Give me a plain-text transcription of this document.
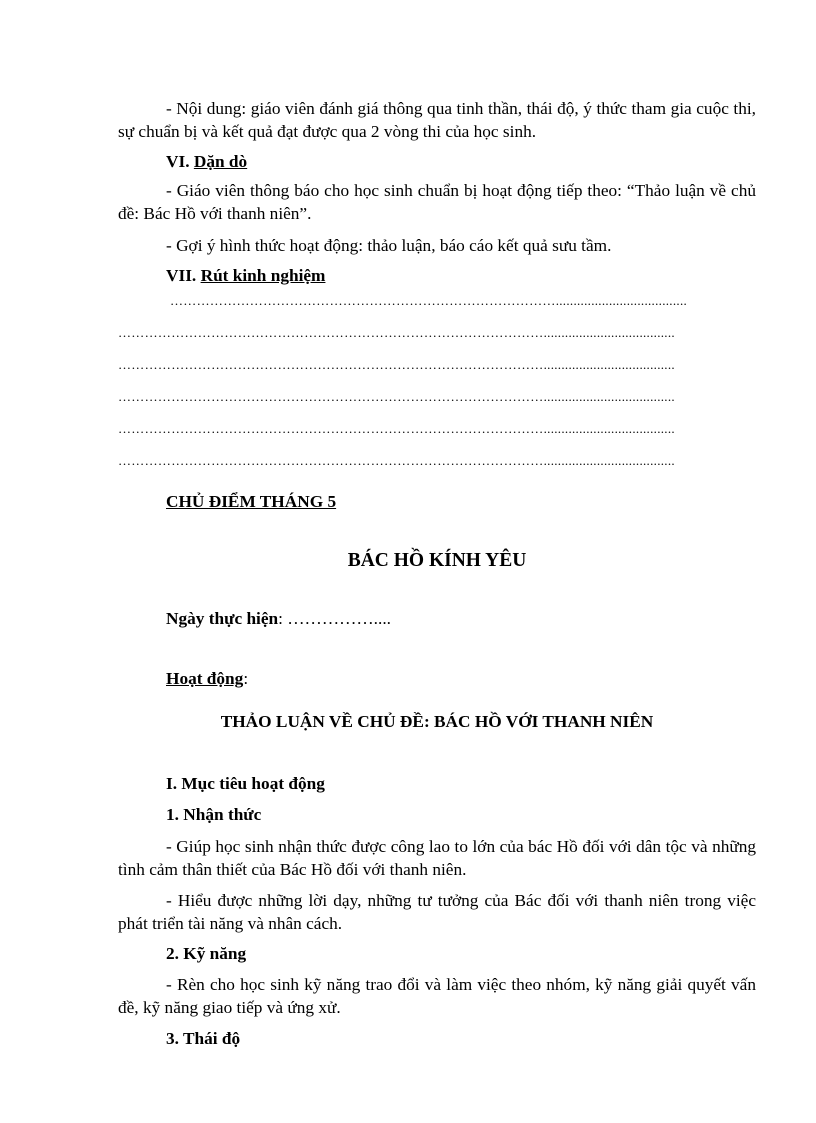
- Nội dung: giáo viên đánh giá thông qua tinh thần, thái độ, ý thức tham gia cuộc thi, sự chuẩn bị và kết quả đạt được qua 2 vòng thi của học sinh.

VI. Dặn dò

- Giáo viên thông báo cho học sinh chuẩn bị hoạt động tiếp theo: “Thảo luận về chủ đề: Bác Hồ với thanh niên”.

- Gợi ý hình thức hoạt động: thảo luận, báo cáo kết quả sưu tầm.

VII. Rút kinh nghiệm

…………………………………………………………………………….....................................
…………………………………………………………………………………….....................................
…………………………………………………………………………………….....................................
…………………………………………………………………………………….....................................
…………………………………………………………………………………….....................................
…………………………………………………………………………………….....................................

CHỦ ĐIỂM THÁNG 5

BÁC HỒ KÍNH YÊU

Ngày thực hiện: ……………....

Hoạt động:

THẢO LUẬN VỀ CHỦ ĐỀ: BÁC HỒ VỚI THANH NIÊN

I. Mục tiêu hoạt động

1. Nhận thức

- Giúp học sinh nhận thức được công lao to lớn của bác Hồ đối với dân tộc và những tình cảm thân thiết của Bác Hồ đối với thanh niên.

- Hiểu được những lời dạy, những tư tưởng của Bác đối với thanh niên trong việc phát triển tài năng và nhân cách.

2. Kỹ năng

- Rèn cho học sinh kỹ năng trao đổi và làm việc theo nhóm, kỹ năng giải quyết vấn đề, kỹ năng giao tiếp và ứng xử.

3. Thái độ
